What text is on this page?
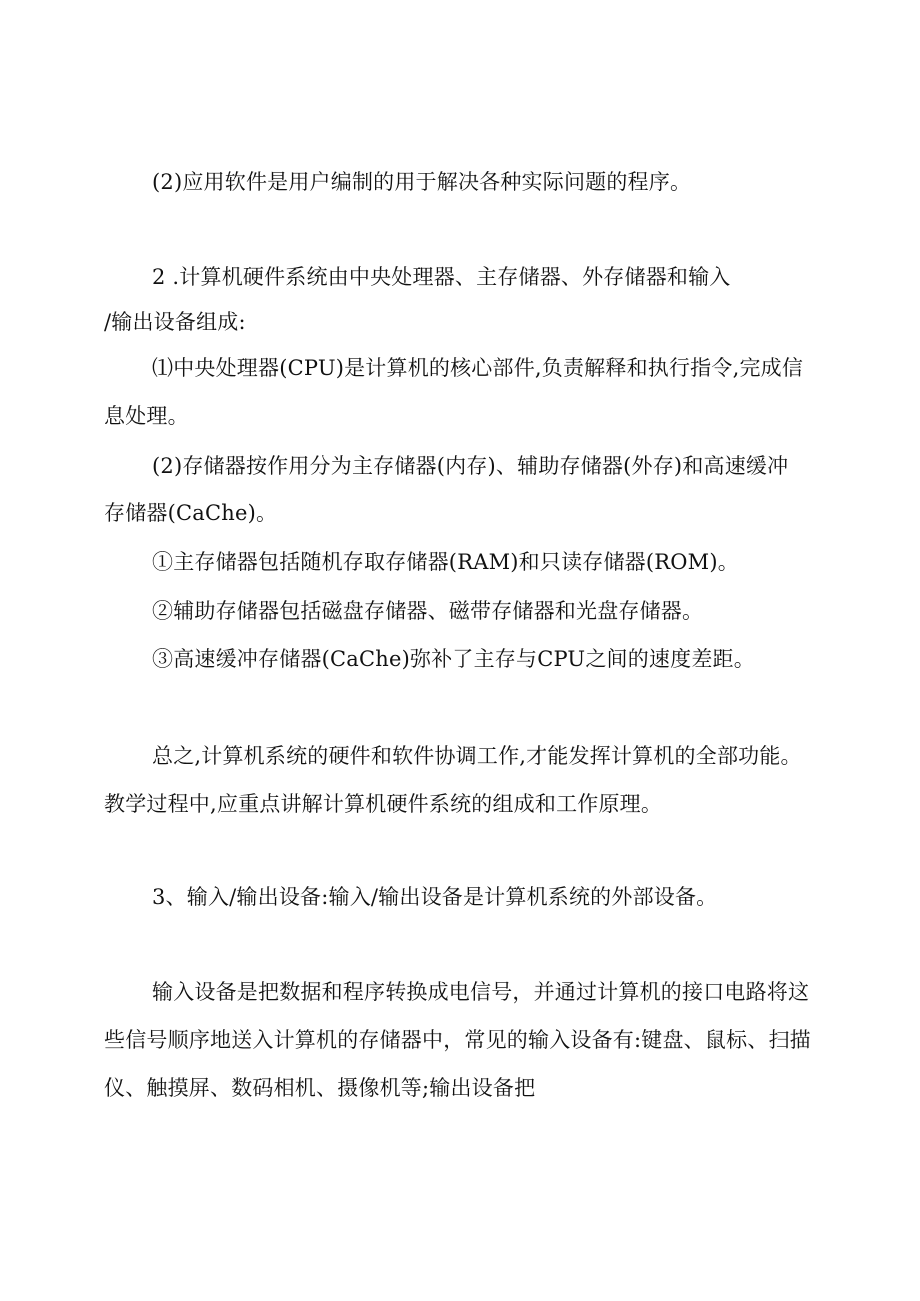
(2)应用软件是用户编制的用于解决各种实际问题的程序。
2 .计算机硬件系统由中央处理器、主存储器、外存储器和输入
/输出设备组成:
⑴中央处理器(CPU)是计算机的核心部件,负责解释和执行指令,完成信
息处理。
(2)存储器按作用分为主存储器(内存)、辅助存储器(外存)和高速缓冲
存储器(CaChe)。
①主存储器包括随机存取存储器(RAM)和只读存储器(ROM)。
②辅助存储器包括磁盘存储器、磁带存储器和光盘存储器。
③高速缓冲存储器(CaChe)弥补了主存与CPU之间的速度差距。
总之,计算机系统的硬件和软件协调工作,才能发挥计算机的全部功能。
教学过程中,应重点讲解计算机硬件系统的组成和工作原理。
3、输入/输出设备:输入/输出设备是计算机系统的外部设备。
输入设备是把数据和程序转换成电信号，并通过计算机的接口电路将这
些信号顺序地送入计算机的存储器中，常见的输入设备有:键盘、鼠标、扫描
仪、触摸屏、数码相机、摄像机等;输出设备把
